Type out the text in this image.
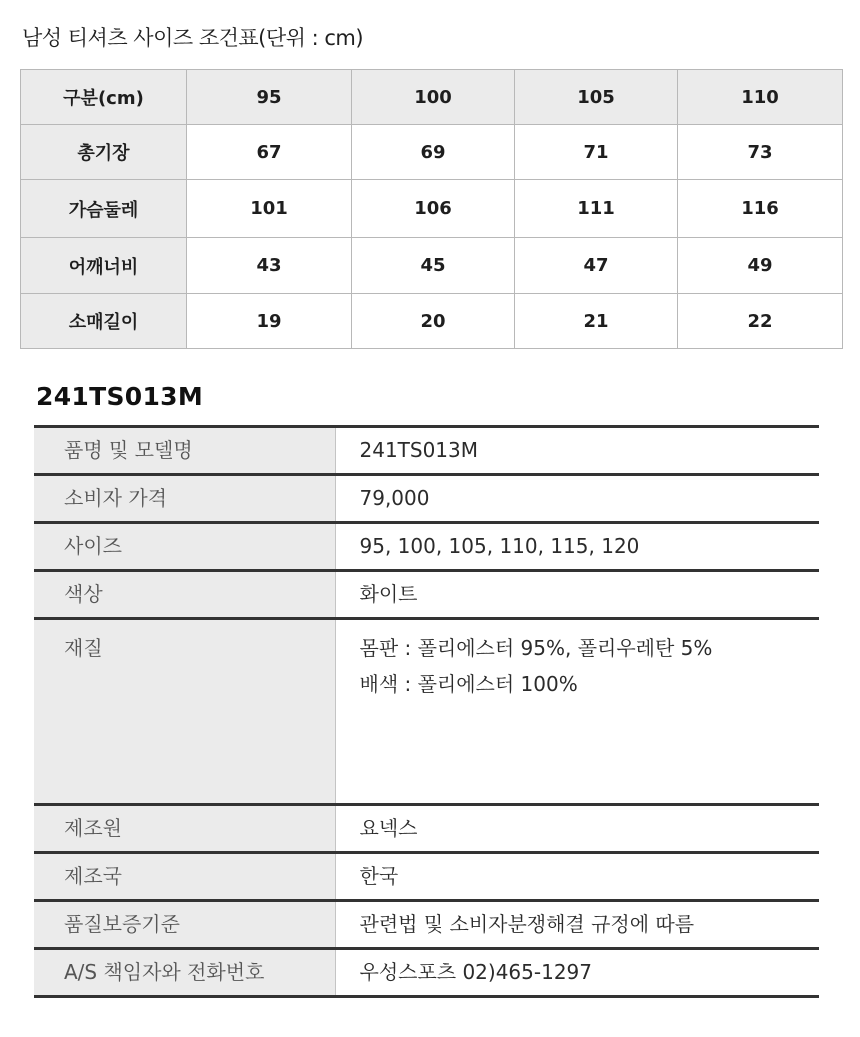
남성 티셔츠 사이즈 조건표(단위 : cm)
구분(cm)	95	100	105	110
총기장	67	69	71	73
가슴둘레	101	106	111	116
어깨너비	43	45	47	49
소매길이	19	20	21	22
241TS013M
품명 및 모델명	241TS013M
소비자 가격	79,000
사이즈	95, 100, 105, 110, 115, 120
색상	화이트
재질	몸판 : 폴리에스터 95%, 폴리우레탄 5%
배색 : 폴리에스터 100%

제조원	요넥스
제조국	한국
품질보증기준	관련법 및 소비자분쟁해결 규정에 따름
A/S 책임자와 전화번호	우성스포츠 02)465-1297
